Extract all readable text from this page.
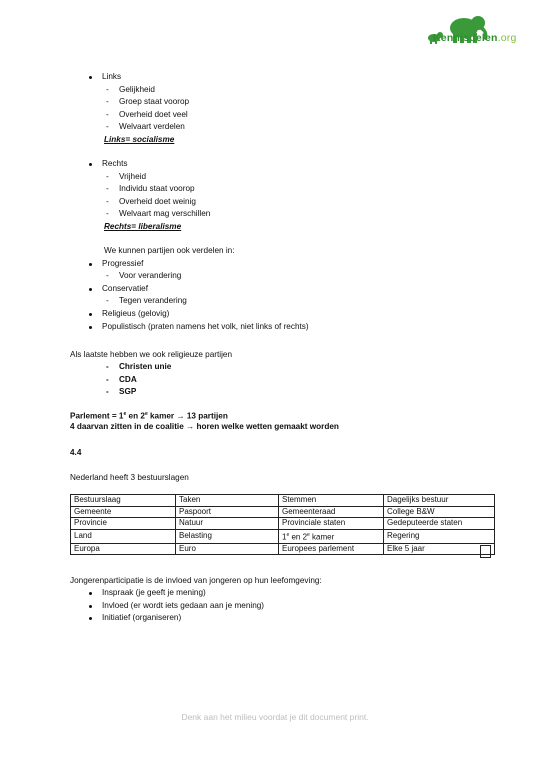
Kennisdelen.org
Links
- Gelijkheid
- Groep staat voorop
- Overheid doet veel
- Welvaart verdelen
Links= socialisme
Rechts
- Vrijheid
- Individu staat voorop
- Overheid doet weinig
- Welvaart mag verschillen
Rechts= liberalisme
We kunnen partijen ook verdelen in:
Progressief
- Voor verandering
Conservatief
- Tegen verandering
Religieus (gelovig)
Populistisch (praten namens het volk, niet links of rechts)
Als laatste hebben we ook religieuze partijen
- Christen unie
- CDA
- SGP
Parlement = $1^e$ en 2e kamer → 13 partijen
4 daarvan zitten in de coalitie → horen welke wetten gemaakt worden
4.4
Nederland heeft 3 bestuurslagen
Jongerenparticipatie is de invloed van jongeren op hun leefomgeving:
Inspraak (je geeft je mening)
Invloed (er wordt iets gedaan aan je mening)
Initiatief (organiseren)
Bestuurslaag	Taken	Stemmen	Dagelijks bestuur
Gemeente	Paspoort	Gemeenteraad	College B&W
Provincie	Natuur	Provinciale staten	Gedeputeerde staten
Land	Belasting	1e en 2e kamer	Regering
Europa	Euro	Europees parlement	Elke 5 jaar
Denk aan het milieu voordat je dit document print.
